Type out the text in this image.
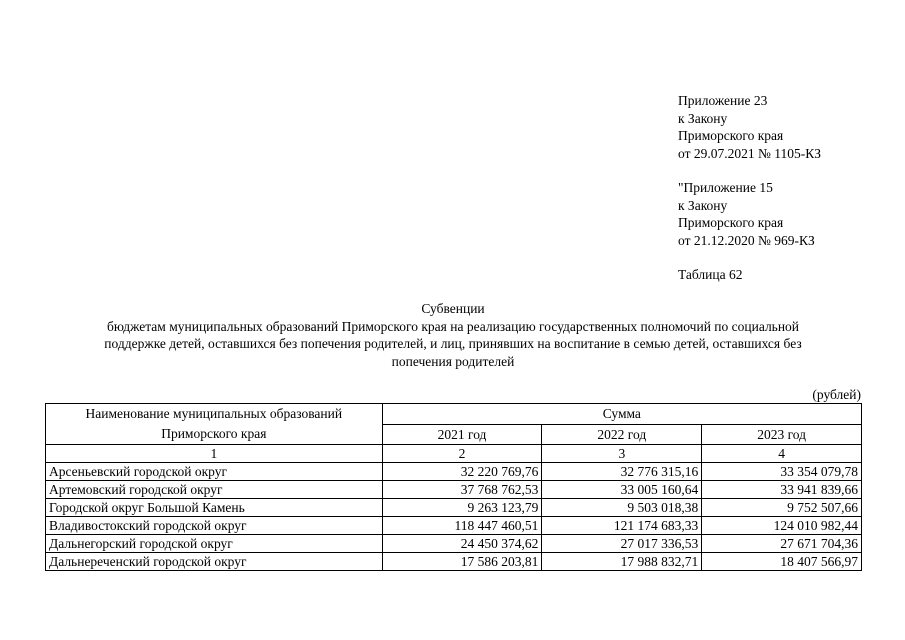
Приложение 23
к Закону
Приморского края
от 29.07.2021 № 1105-КЗ
"Приложение 15
к Закону
Приморского края
от 21.12.2020 № 969-КЗ
Таблица 62
Субвенции
бюджетам муниципальных образований Приморского края на реализацию государственных полномочий по социальной
поддержке детей, оставшихся без попечения родителей, и лиц, принявших на воспитание в семью детей, оставшихся без
попечения родителей
(рублей)
Наименование муниципальных образований Приморского края	Сумма		
	2021 год	2022 год	2023 год
1	2	3	4
Арсеньевский городской округ	32 220 769,76	32 776 315,16	33 354 079,78
Артемовский городской округ	37 768 762,53	33 005 160,64	33 941 839,66
Городской округ Большой Камень	9 263 123,79	9 503 018,38	9 752 507,66
Владивостокский городской округ	118 447 460,51	121 174 683,33	124 010 982,44
Дальнегорский городской округ	24 450 374,62	27 017 336,53	27 671 704,36
Дальнереченский городской округ	17 586 203,81	17 988 832,71	18 407 566,97
